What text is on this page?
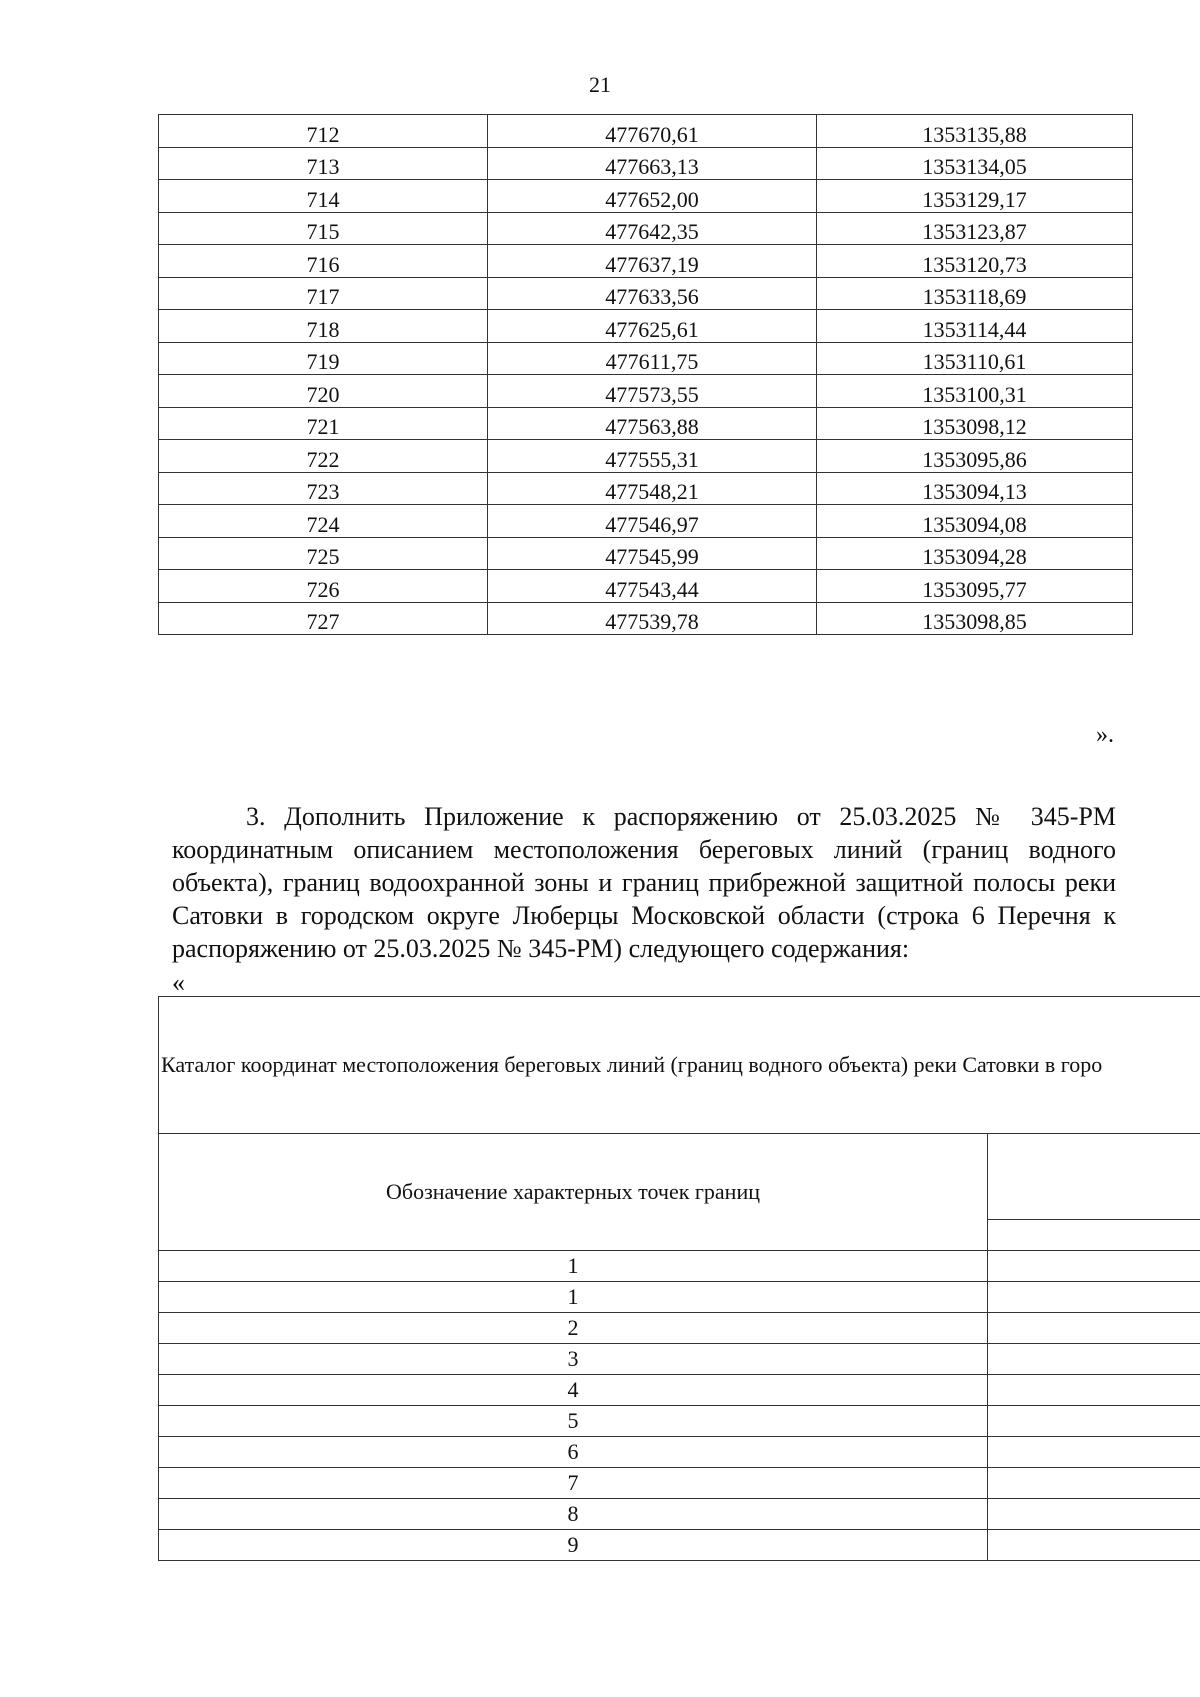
21
712	477670,61	1353135,88
713	477663,13	1353134,05
714	477652,00	1353129,17
715	477642,35	1353123,87
716	477637,19	1353120,73
717	477633,56	1353118,69
718	477625,61	1353114,44
719	477611,75	1353110,61
720	477573,55	1353100,31
721	477563,88	1353098,12
722	477555,31	1353095,86
723	477548,21	1353094,13
724	477546,97	1353094,08
725	477545,99	1353094,28
726	477543,44	1353095,77
727	477539,78	1353098,85
».

3. Дополнить Приложение к распоряжению от 25.03.2025 № 345-РМ координатным описанием местоположения береговых линий (границ водного объекта), границ водоохранной зоны и границ прибрежной защитной полосы реки Сатовки в городском округе Люберцы Московской области (строка 6 Перечня к распоряжению от 25.03.2025 № 345-РМ) следующего содержания:

«
Каталог координат местоположения береговых линий (границ водного объекта) реки Сатовки в горо	
Обозначение характерных точек границ	

1	
1	
2	
3	
4	
5	
6	
7	
8	
9	
